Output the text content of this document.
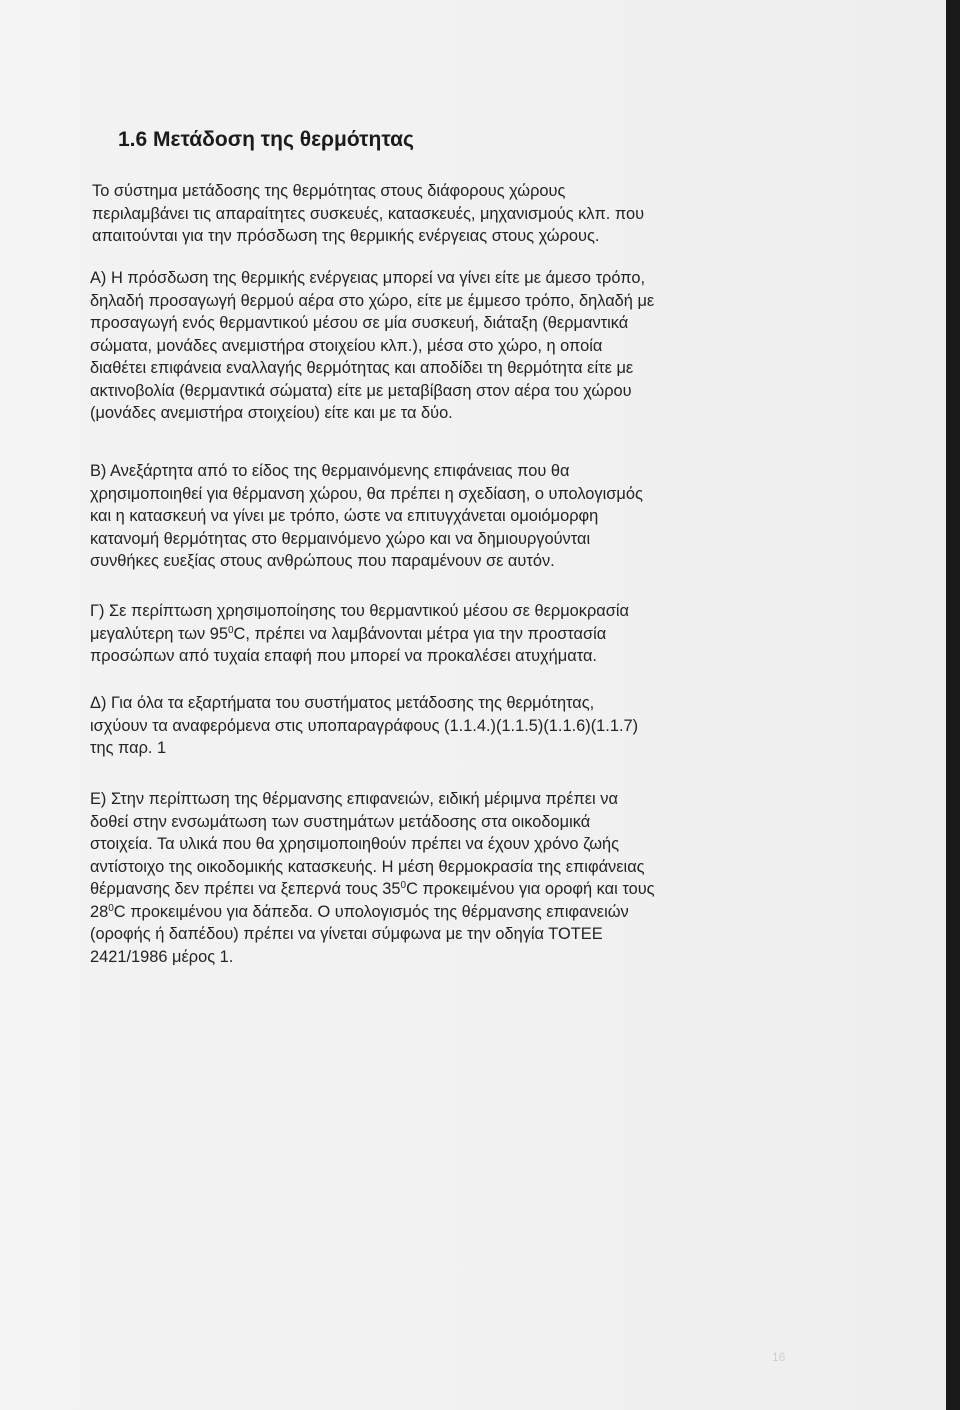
1.6 Μετάδοση της θερμότητας

Το σύστημα μετάδοσης της θερμότητας στους διάφορους χώρους
περιλαμβάνει τις απαραίτητες συσκευές, κατασκευές, μηχανισμούς κλπ. που
απαιτούνται για την πρόσδωση της θερμικής ενέργειας στους χώρους.

Α) Η πρόσδωση της θερμικής ενέργειας μπορεί να γίνει είτε με άμεσο τρόπο,
δηλαδή προσαγωγή θερμού αέρα στο χώρο, είτε με έμμεσο τρόπο, δηλαδή με
προσαγωγή ενός θερμαντικού μέσου σε μία συσκευή, διάταξη (θερμαντικά
σώματα, μονάδες ανεμιστήρα στοιχείου κλπ.), μέσα στο χώρο, η οποία
διαθέτει επιφάνεια εναλλαγής θερμότητας και αποδίδει τη θερμότητα είτε με
ακτινοβολία (θερμαντικά σώματα) είτε με μεταβίβαση στον αέρα του χώρου
(μονάδες ανεμιστήρα στοιχείου) είτε και με τα δύο.

Β) Ανεξάρτητα από το είδος της θερμαινόμενης επιφάνειας που θα
χρησιμοποιηθεί για θέρμανση χώρου, θα πρέπει η σχεδίαση, ο υπολογισμός
και η κατασκευή να γίνει με τρόπο, ώστε να επιτυγχάνεται ομοιόμορφη
κατανομή θερμότητας στο θερμαινόμενο χώρο και να δημιουργούνται
συνθήκες ευεξίας στους ανθρώπους που παραμένουν σε αυτόν.

Γ) Σε περίπτωση χρησιμοποίησης του θερμαντικού μέσου σε θερμοκρασία
μεγαλύτερη των $95^0C$, πρέπει να λαμβάνονται μέτρα για την προστασία
προσώπων από τυχαία επαφή που μπορεί να προκαλέσει ατυχήματα.

Δ) Για όλα τα εξαρτήματα του συστήματος μετάδοσης της θερμότητας,
ισχύουν τα αναφερόμενα στις υποπαραγράφους (1.1.4.)(1.1.5)(1.1.6)(1.1.7)
της παρ. 1

Ε) Στην περίπτωση της θέρμανσης επιφανειών, ειδική μέριμνα πρέπει να
δοθεί στην ενσωμάτωση των συστημάτων μετάδοσης στα οικοδομικά
στοιχεία. Τα υλικά που θα χρησιμοποιηθούν πρέπει να έχουν χρόνο ζωής
αντίστοιχο της οικοδομικής κατασκευής. Η μέση θερμοκρασία της επιφάνειας
θέρμανσης δεν πρέπει να ξεπερνά τους $35^0C$ προκειμένου για οροφή και τους
$28^0C$ προκειμένου για δάπεδα. Ο υπολογισμός της θέρμανσης επιφανειών
(οροφής ή δαπέδου) πρέπει να γίνεται σύμφωνα με την οδηγία ΤΟΤΕΕ
2421/1986 μέρος 1.

16
